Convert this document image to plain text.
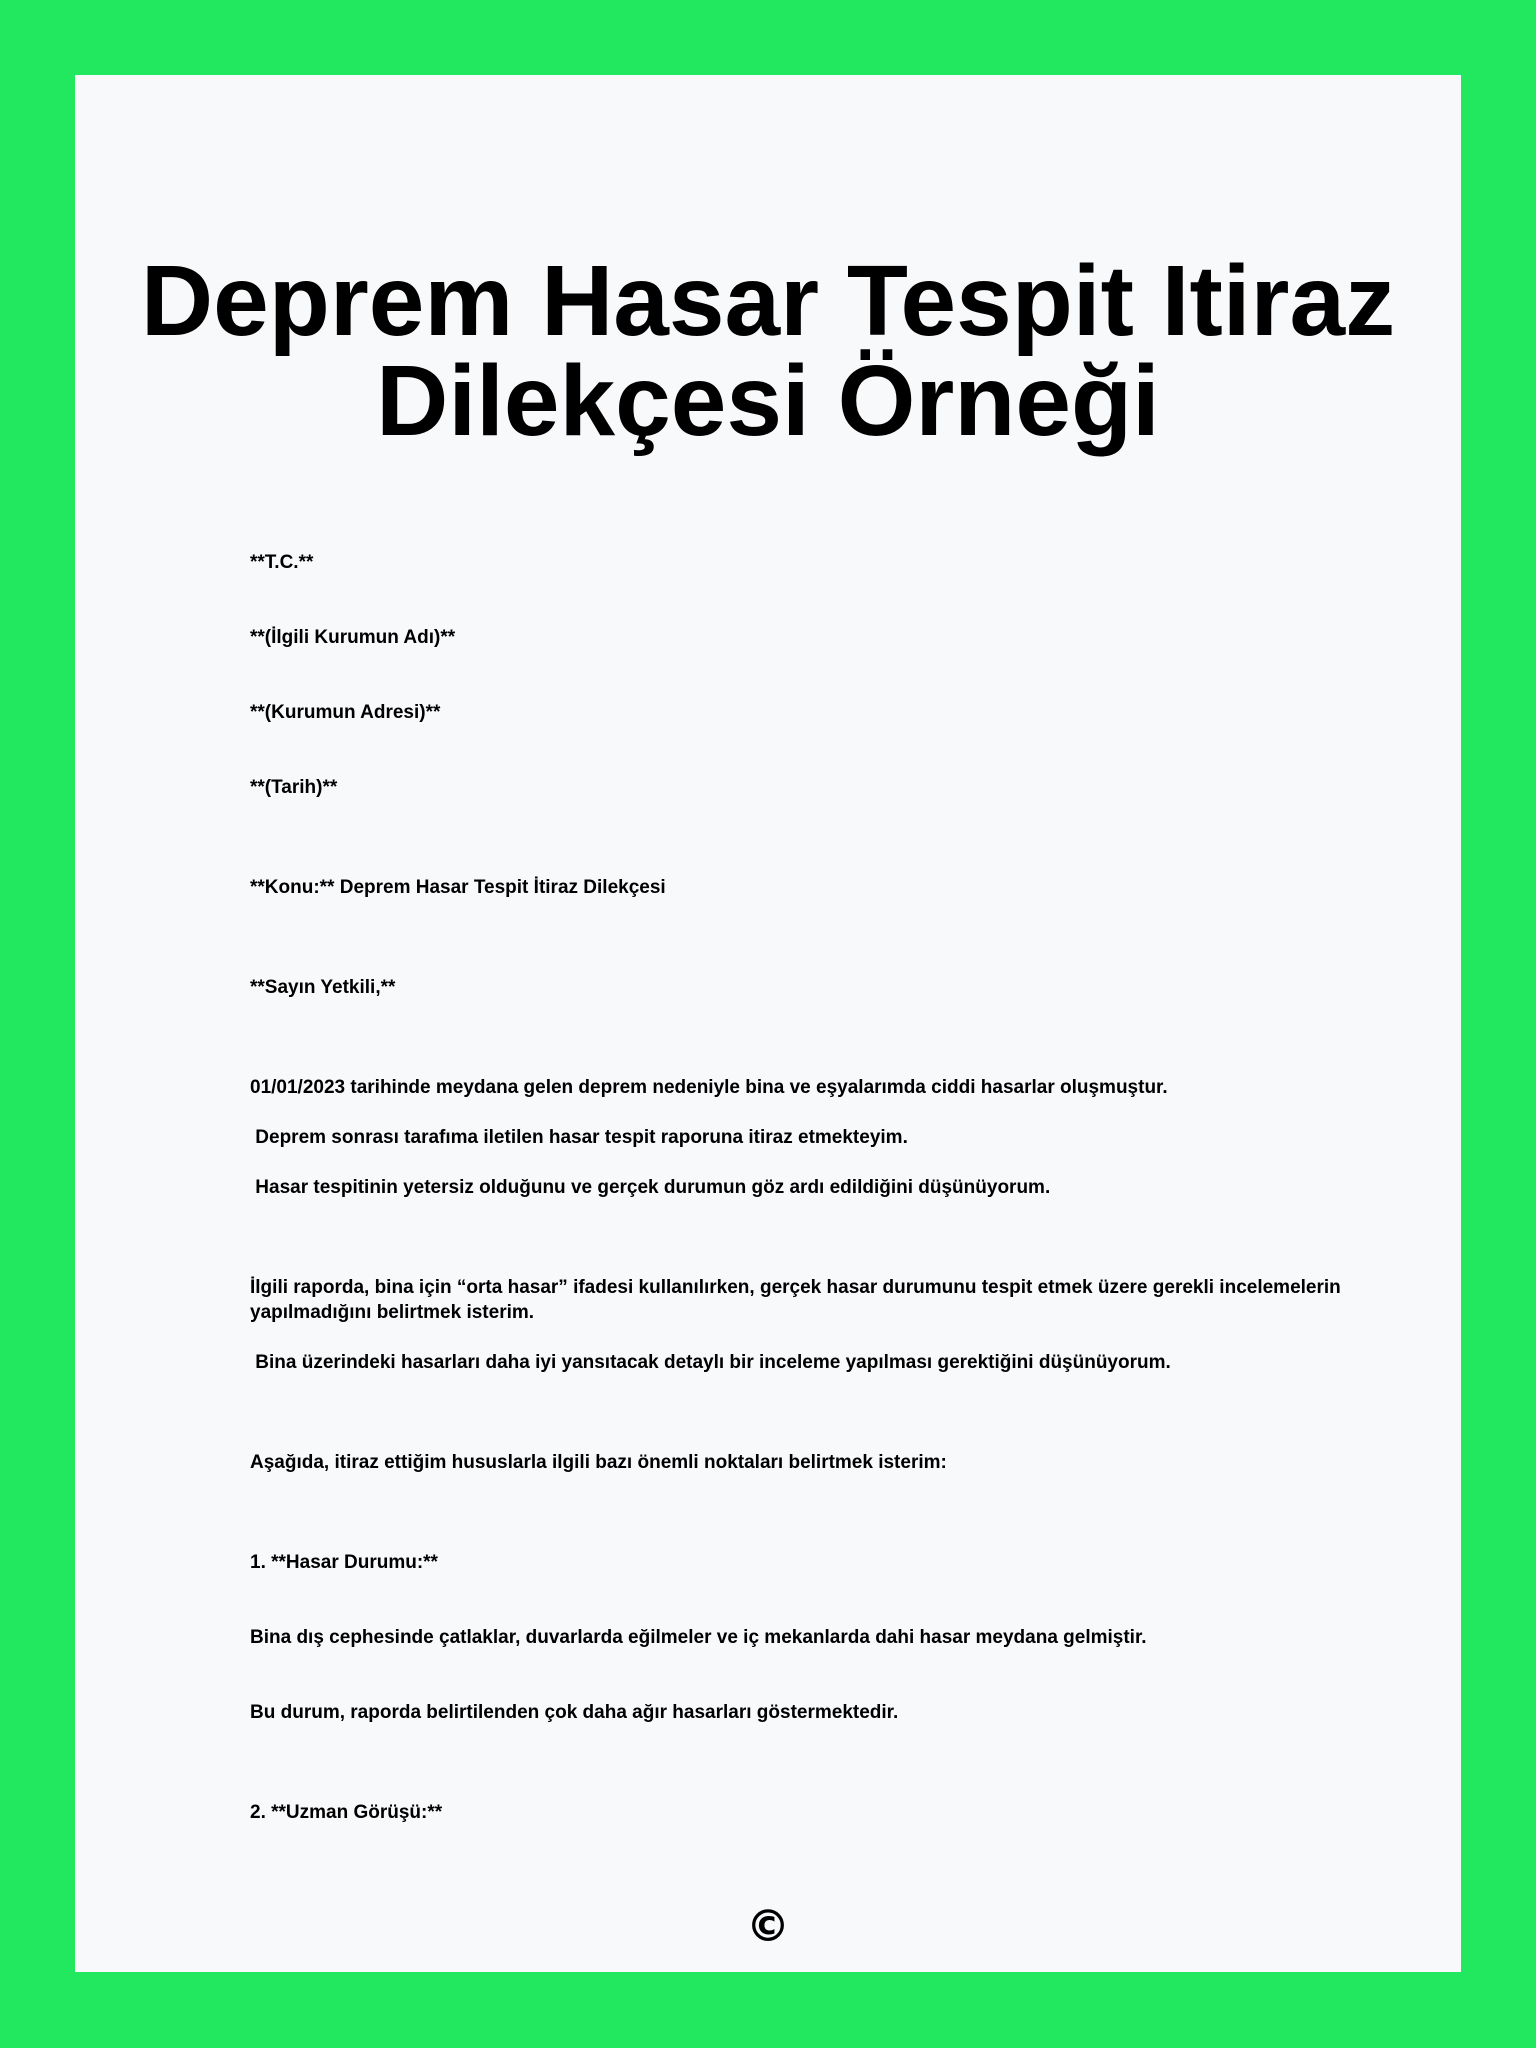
Deprem Hasar Tespit Itiraz Dilekçesi Örneği

**T.C.**

**(İlgili Kurumun Adı)**

**(Kurumun Adresi)**

**(Tarih)**

**Konu:** Deprem Hasar Tespit İtiraz Dilekçesi

**Sayın Yetkili,**

01/01/2023 tarihinde meydana gelen deprem nedeniyle bina ve eşyalarımda ciddi hasarlar oluşmuştur.

Deprem sonrası tarafıma iletilen hasar tespit raporuna itiraz etmekteyim.

Hasar tespitinin yetersiz olduğunu ve gerçek durumun göz ardı edildiğini düşünüyorum.

İlgili raporda, bina için “orta hasar” ifadesi kullanılırken, gerçek hasar durumunu tespit etmek üzere gerekli incelemelerin yapılmadığını belirtmek isterim.

Bina üzerindeki hasarları daha iyi yansıtacak detaylı bir inceleme yapılması gerektiğini düşünüyorum.

Aşağıda, itiraz ettiğim hususlarla ilgili bazı önemli noktaları belirtmek isterim:

1. **Hasar Durumu:**

Bina dış cephesinde çatlaklar, duvarlarda eğilmeler ve iç mekanlarda dahi hasar meydana gelmiştir.

Bu durum, raporda belirtilenden çok daha ağır hasarları göstermektedir.

2. **Uzman Görüşü:**

©
